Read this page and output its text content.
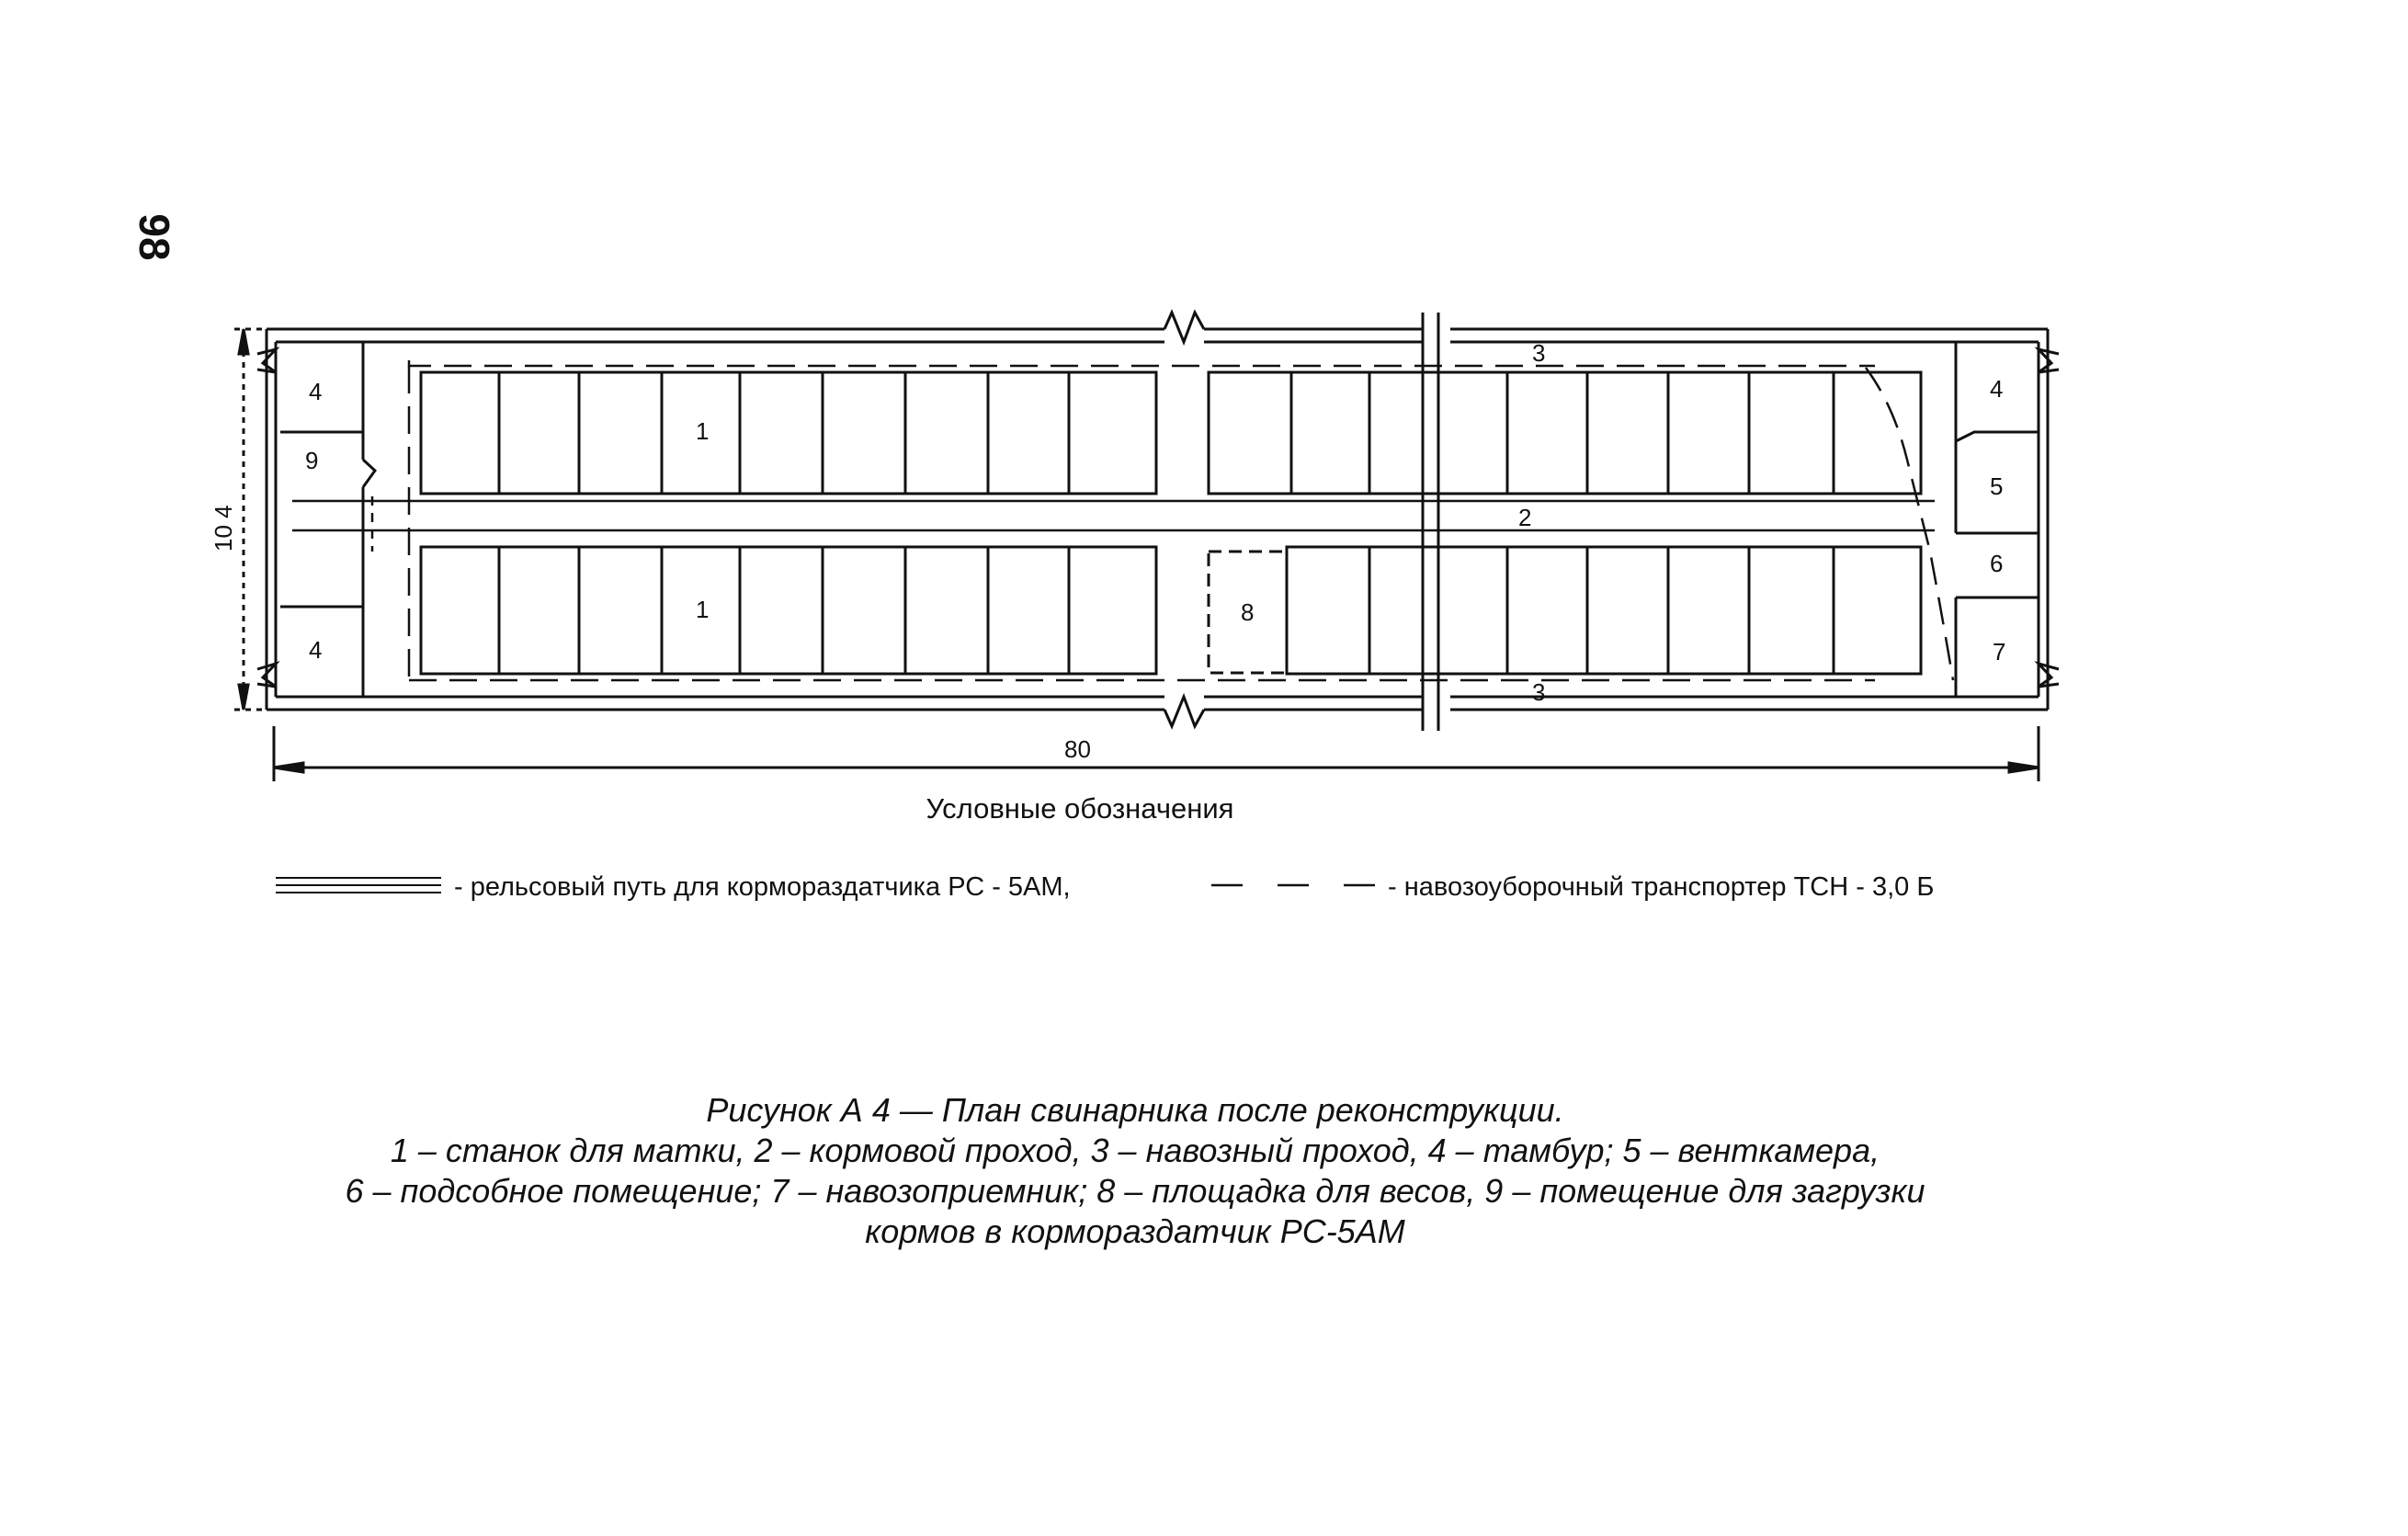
98
4
9
4
4
5
6
7
1
1	8
2
3
3
80
10 4
- рельсовый путь для кормораздатчика РС - 5АМ,	- навозоуборочный транспортер ТСН - 3,0 Б
Условные обозначения
Рисунок А 4 — План свинарника после реконструкции.
1 – станок для матки, 2 – кормовой проход, 3 – навозный проход, 4 – тамбур; 5 – венткамера,
6 – подсобное помещение; 7 – навозоприемник; 8 – площадка для весов, 9 – помещение для загрузки
кормов в кормораздатчик РС-5АМ
